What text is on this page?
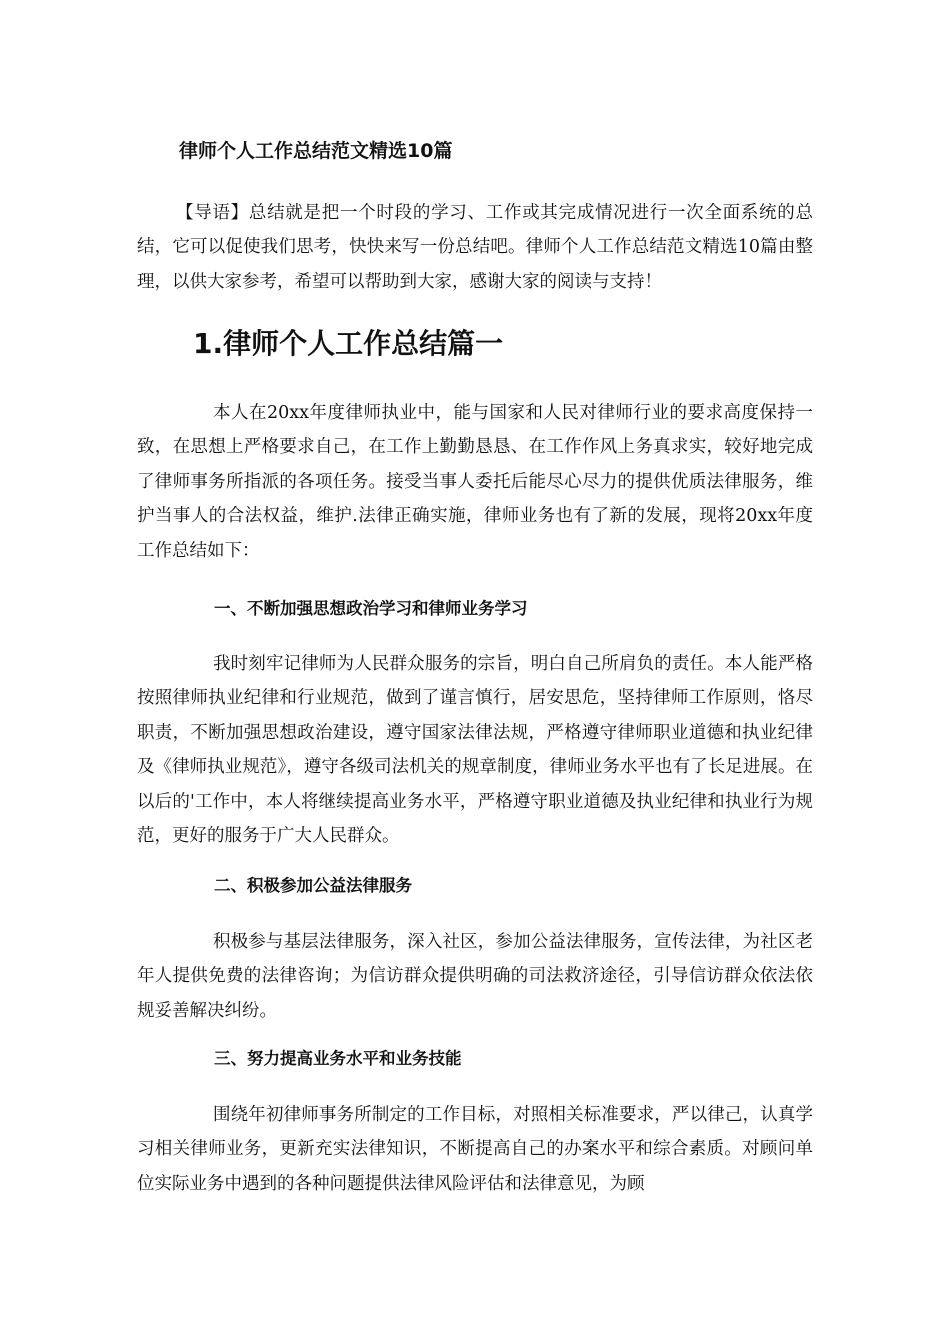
律师个人工作总结范文精选10篇

【导语】总结就是把一个时段的学习、工作或其完成情况进行一次全面系统的总结，它可以促使我们思考，快快来写一份总结吧。律师个人工作总结范文精选10篇由整理，以供大家参考，希望可以帮助到大家，感谢大家的阅读与支持！

1.律师个人工作总结篇一

本人在20xx年度律师执业中，能与国家和人民对律师行业的要求高度保持一致，在思想上严格要求自己，在工作上勤勤恳恳、在工作作风上务真求实，较好地完成了律师事务所指派的各项任务。接受当事人委托后能尽心尽力的提供优质法律服务，维护当事人的合法权益，维护.法律正确实施，律师业务也有了新的发展，现将20xx年度工作总结如下：

一、不断加强思想政治学习和律师业务学习

我时刻牢记律师为人民群众服务的宗旨，明白自己所肩负的责任。本人能严格按照律师执业纪律和行业规范，做到了谨言慎行，居安思危，坚持律师工作原则，恪尽职责，不断加强思想政治建设，遵守国家法律法规，严格遵守律师职业道德和执业纪律及《律师执业规范》，遵守各级司法机关的规章制度，律师业务水平也有了长足进展。在以后的'工作中，本人将继续提高业务水平，严格遵守职业道德及执业纪律和执业行为规范，更好的服务于广大人民群众。

二、积极参加公益法律服务

积极参与基层法律服务，深入社区，参加公益法律服务，宣传法律，为社区老年人提供免费的法律咨询；为信访群众提供明确的司法救济途径，引导信访群众依法依规妥善解决纠纷。

三、努力提高业务水平和业务技能

围绕年初律师事务所制定的工作目标，对照相关标准要求，严以律己，认真学习相关律师业务，更新充实法律知识，不断提高自己的办案水平和综合素质。对顾问单位实际业务中遇到的各种问题提供法律风险评估和法律意见，为顾
